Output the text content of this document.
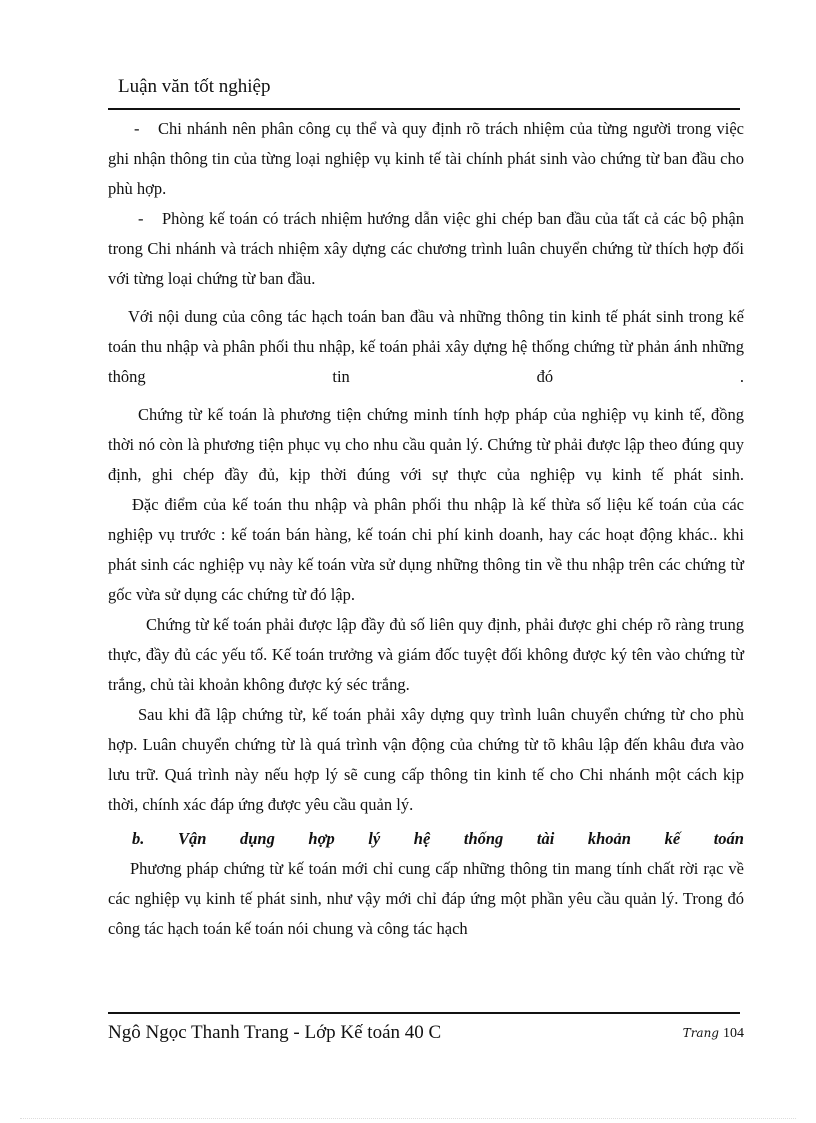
Luận văn tốt nghiệp

- Chi nhánh nên phân công cụ thể và quy định rõ trách nhiệm của từng người trong việc ghi nhận thông tin của từng loại nghiệp vụ kinh tế tài chính phát sinh vào chứng từ ban đầu cho phù hợp.

- Phòng kế toán có trách nhiệm hướng dẫn việc ghi chép ban đầu của tất cả các bộ phận trong Chi nhánh và trách nhiệm xây dựng các chương trình luân chuyển chứng từ thích hợp đối với từng loại chứng từ ban đầu.

Với nội dung của công tác hạch toán ban đầu và những thông tin kinh tế phát sinh trong kế toán thu nhập và phân phối thu nhập, kế toán phải xây dựng hệ thống chứng từ phản ánh những thông tin đó .

Chứng từ kế toán là phương tiện chứng minh tính hợp pháp của nghiệp vụ kinh tế, đồng thời nó còn là phương tiện phục vụ cho nhu cầu quản lý. Chứng từ phải được lập theo đúng quy định, ghi chép đầy đủ, kịp thời đúng với sự thực của nghiệp vụ kinh tế phát sinh.

Đặc điểm của kế toán thu nhập và phân phối thu nhập là kế thừa số liệu kế toán của các nghiệp vụ trước : kế toán bán hàng, kế toán chi phí kinh doanh, hay các hoạt động khác.. khi phát sinh các nghiệp vụ này kế toán vừa sử dụng những thông tin về thu nhập trên các chứng từ gốc vừa sử dụng các chứng từ đó lập.

Chứng từ kế toán phải được lập đầy đủ số liên quy định, phải được ghi chép rõ ràng trung thực, đầy đủ các yếu tố. Kế toán trưởng và giám đốc tuyệt đối không được ký tên vào chứng từ trắng, chủ tài khoản không được ký séc trắng.

Sau khi đã lập chứng từ, kế toán phải xây dựng quy trình luân chuyển chứng từ cho phù hợp. Luân chuyển chứng từ là quá trình vận động của chứng từ tõ khâu lập đến khâu đưa vào lưu trữ. Quá trình này nếu hợp lý sẽ cung cấp thông tin kinh tế cho Chi nhánh một cách kịp thời, chính xác đáp ứng được yêu cầu quản lý.

b. Vận dụng hợp lý hệ thống tài khoản kế toán

Phương pháp chứng từ kế toán mới chỉ cung cấp những thông tin mang tính chất rời rạc về các nghiệp vụ kinh tế phát sinh, như vậy mới chỉ đáp ứng một phần yêu cầu quản lý. Trong đó công tác hạch toán kế toán nói chung và công tác hạch

Ngô Ngọc Thanh Trang - Lớp Kế toán 40 C	Trang 104
